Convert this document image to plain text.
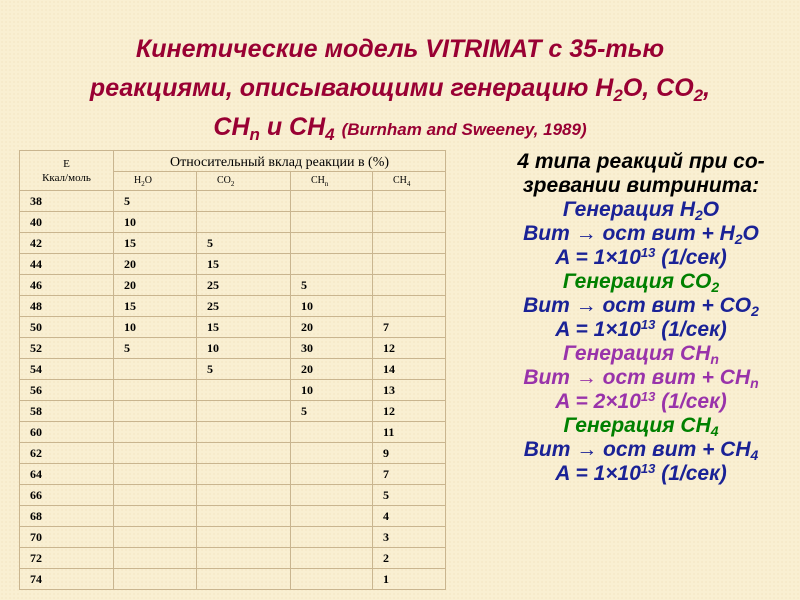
Кинетические модель VITRIMAT с 35-тью
реакциями, описывающими генерацию $H_2O$, $CO_2$,
$CH_n$ и $CH_4$ (Burnham and Sweeney, 1989)
E
Ккал/моль	Относительный вклад реакции в (%)			
	$H_2O$	$CO_2$	$CH_n$	$CH_4$
38	5			
40	10			
42	15	5		
44	20	15		
46	20	25	5	
48	15	25	10	
50	10	15	20	7
52	5	10	30	12
54		5	20	14
56			10	13
58			5	12
60				11
62				9
64				7
66				5
68				4
70				3
72				2
74				1
4 типа реакций при со-
зревании витринита:
Генерация $H_2O$
Вит → ост вит + $H_2O$
$A = 1\times 10^{13}$ (1/сек)
Генерация $CO_2$
Вит → ост вит + $CO_2$
$A = 1\times 10^{13}$ (1/сек)
Генерация $CH_n$
Вит → ост вит + $CH_n$
$A = 2\times 10^{13}$ (1/сек)
Генерация $CH_4$
Вит → ост вит + $CH_4$
$A = 1\times 10^{13}$ (1/сек)
